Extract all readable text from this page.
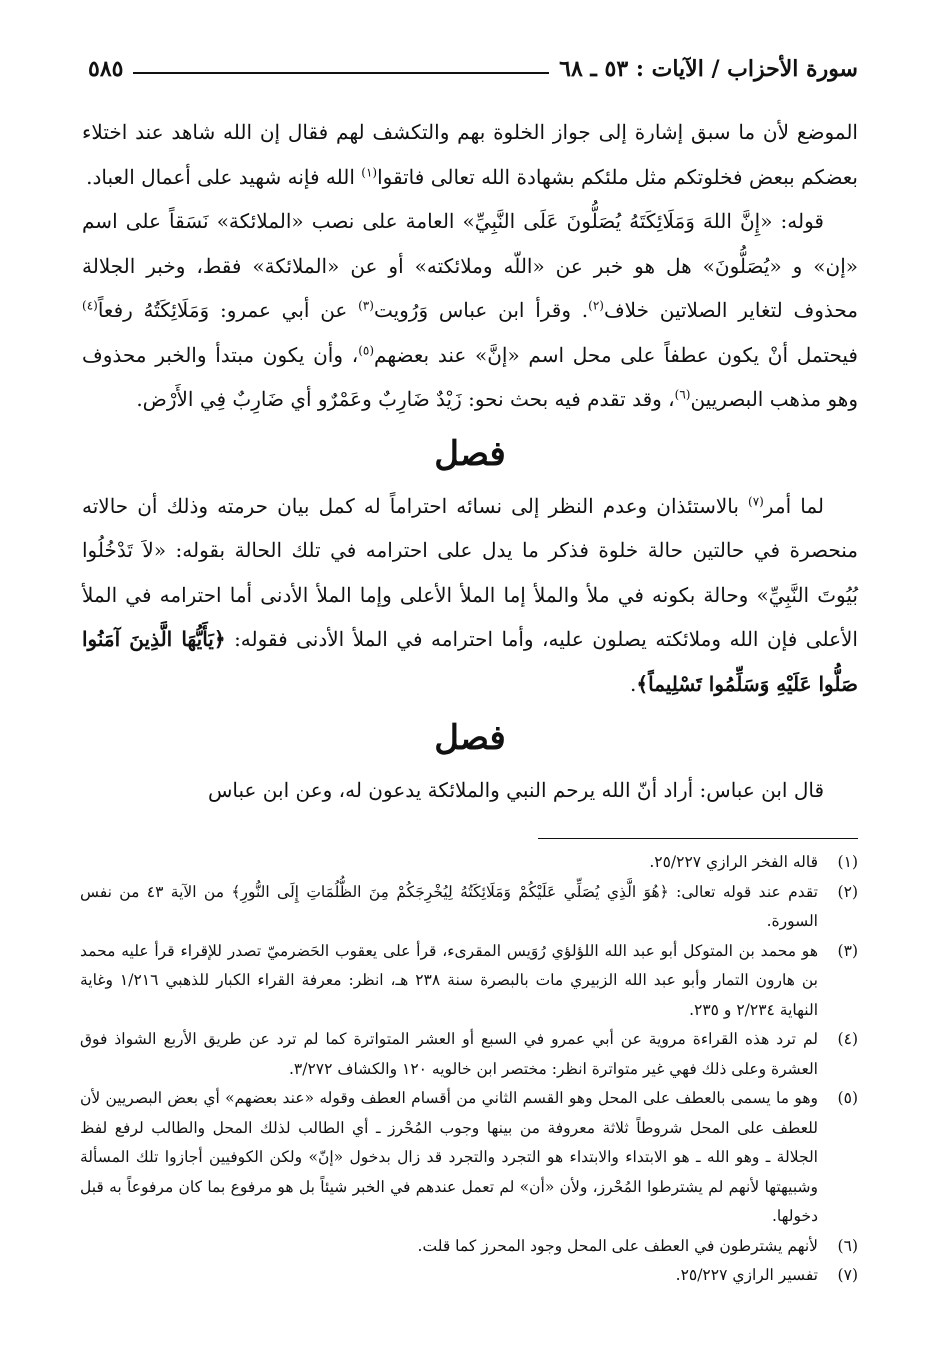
سورة الأحزاب / الآيات : ٥٣ ـ ٦٨
٥٨٥

الموضع لأن ما سبق إشارة إلى جواز الخلوة بهم والتكشف لهم فقال إن الله شاهد عند اختلاء بعضكم ببعض فخلوتكم مثل ملئكم بشهادة الله تعالى فاتقوا$^{(١)}$ الله فإنه شهيد على أعمال العباد.

قوله: «إِنَّ اللهَ وَمَلَائِكَتَهُ يُصَلُّونَ عَلَى النَّبِيِّ» العامة على نصب «الملائكة» نَسَقاً على اسم «إن» و «يُصَلُّونَ» هل هو خبر عن «اللّه وملائكته» أو عن «الملائكة» فقط، وخبر الجلالة محذوف لتغاير الصلاتين خلاف$^{(٢)}$. وقرأ ابن عباس وَرُويت$^{(٣)}$ عن أبي عمرو: وَمَلَائِكَتُهُ رفعاً$^{(٤)}$ فيحتمل أنْ يكون عطفاً على محل اسم «إنَّ» عند بعضهم$^{(٥)}$، وأن يكون مبتدأ والخبر محذوف وهو مذهب البصريين$^{(٦)}$، وقد تقدم فيه بحث نحو: زَيْدٌ ضَارِبٌ وعَمْرٌو أي ضَارِبٌ فِي الأَرْض.

فصل

لما أمر$^{(٧)}$ بالاستئذان وعدم النظر إلى نسائه احتراماً له كمل بيان حرمته وذلك أن حالاته منحصرة في حالتين حالة خلوة فذكر ما يدل على احترامه في تلك الحالة بقوله: «لاَ تَدْخُلُوا بُيُوتَ النَّبِيِّ» وحالة بكونه في ملأ والملأ إما الملأ الأعلى وإما الملأ الأدنى أما احترامه في الملأ الأعلى فإن الله وملائكته يصلون عليه، وأما احترامه في الملأ الأدنى فقوله: ﴿يَأَيُّهَا الَّذِينَ آمَنُوا صَلُّوا عَلَيْهِ وَسَلِّمُوا تَسْلِيماً﴾.

فصل

قال ابن عباس: أراد أنّ الله يرحم النبي والملائكة يدعون له، وعن ابن عباس

(١)
قاله الفخر الرازي ٢٥/٢٢٧.
(٢)
تقدم عند قوله تعالى: ﴿هُوَ الَّذِي يُصَلِّي عَلَيْكُمْ وَمَلَائِكَتُهُ لِيُخْرِجَكُمْ مِنَ الظُّلُمَاتِ إِلَى النُّورِ﴾ من الآية ٤٣ من نفس السورة.
(٣)
هو محمد بن المتوكل أبو عبد الله اللؤلؤي رُوَيس المقرىء، قرأ على يعقوب الحَضرميّ تصدر للإقراء قرأ عليه محمد بن هارون التمار وأبو عبد الله الزبيري مات بالبصرة سنة ٢٣٨ هـ، انظر: معرفة القراء الكبار للذهبي ١/٢١٦ وغاية النهاية ٢/٢٣٤ و ٢٣٥.
(٤)
لم ترد هذه القراءة مروية عن أبي عمرو في السبع أو العشر المتواترة كما لم ترد عن طريق الأربع الشواذ فوق العشرة وعلى ذلك فهي غير متواترة انظر: مختصر ابن خالويه ١٢٠ والكشاف ٣/٢٧٢.
(٥)
وهو ما يسمى بالعطف على المحل وهو القسم الثاني من أقسام العطف وقوله «عند بعضهم» أي بعض البصريين لأن للعطف على المحل شروطاً ثلاثة معروفة من بينها وجوب المُحْرز ـ أي الطالب لذلك المحل والطالب لرفع لفظ الجلالة ـ وهو الله ـ هو الابتداء والابتداء هو التجرد والتجرد قد زال بدخول «إنّ» ولكن الكوفيين أجازوا تلك المسألة وشبيهتها لأنهم لم يشترطوا المُحْرز، ولأن «أن» لم تعمل عندهم في الخبر شيئاً بل هو مرفوع بما كان مرفوعاً به قبل دخولها.
(٦)
لأنهم يشترطون في العطف على المحل وجود المحرز كما قلت.
(٧)
تفسير الرازي ٢٥/٢٢٧.
